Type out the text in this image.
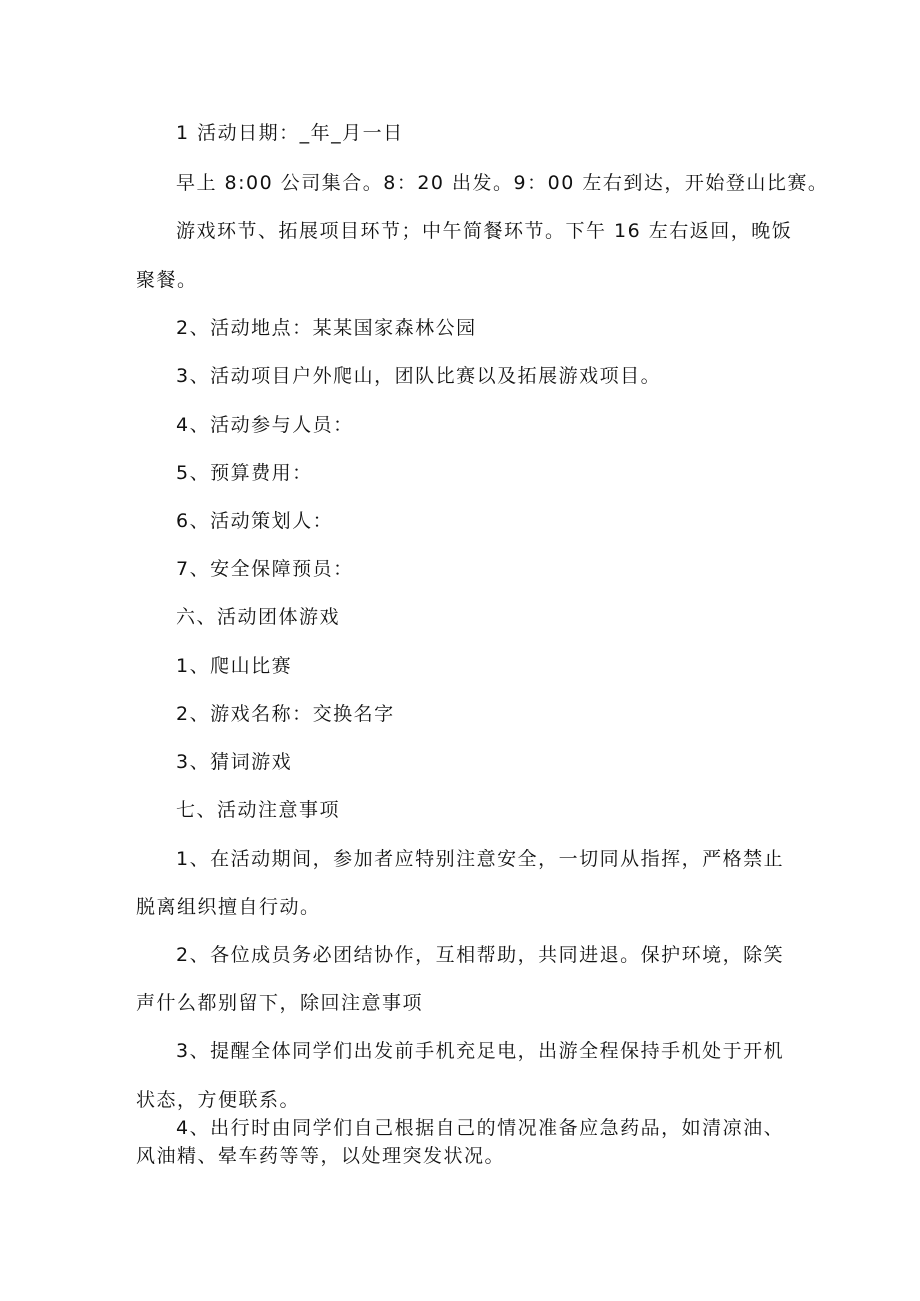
1 活动日期：_年_月一日
早上 8:00 公司集合。8：20 出发。9：00 左右到达，开始登山比赛。
游戏环节、拓展项目环节；中午简餐环节。下午 16 左右返回，晚饭
聚餐。
2、活动地点：某某国家森林公园
3、活动项目户外爬山，团队比赛以及拓展游戏项目。
4、活动参与人员：
5、预算费用：
6、活动策划人：
7、安全保障预员：
六、活动团体游戏
1、爬山比赛
2、游戏名称：交换名字
3、猜词游戏
七、活动注意事项
1、在活动期间，参加者应特别注意安全，一切同从指挥，严格禁止
脱离组织擅自行动。
2、各位成员务必团结协作，互相帮助，共同进退。保护环境，除笑
声什么都别留下，除回注意事项
3、提醒全体同学们出发前手机充足电，出游全程保持手机处于开机
状态，方便联系。
4、出行时由同学们自己根据自己的情况准备应急药品，如清凉油、
风油精、晕车药等等，以处理突发状况。
